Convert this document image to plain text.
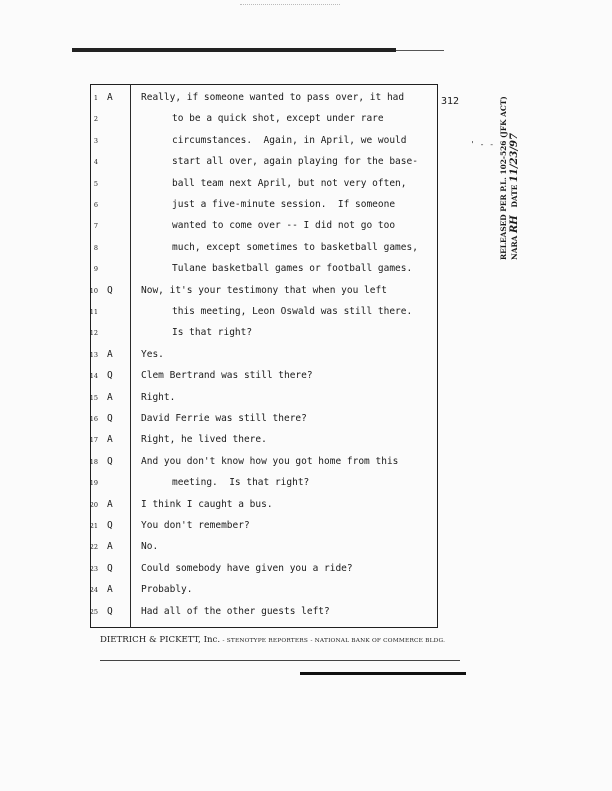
312
1 A	Really, if someone wanted to pass over, it had
2	to be a quick shot, except under rare
3	circumstances.  Again, in April, we would
4	start all over, again playing for the base-
5	ball team next April, but not very often,
6	just a five-minute session.  If someone
7	wanted to come over -- I did not go too
8	much, except sometimes to basketball games,
9	Tulane basketball games or football games.
10 Q	Now, it's your testimony that when you left
11	this meeting, Leon Oswald was still there.
12	Is that right?
13 A	Yes.
14 Q	Clem Bertrand was still there?
15 A	Right.
16 Q	David Ferrie was still there?
17 A	Right, he lived there.
18 Q	And you don't know how you got home from this
19	meeting.  Is that right?
20 A	I think I caught a bus.
21 Q	You don't remember?
22 A	No.
23 Q	Could somebody have given you a ride?
24 A	Probably.
25 Q	Had all of the other guests left?
' - - RELEASED PER P.L. 102-526 (JFK ACT) NARA RH   DATE 11/23/97
DIETRICH & PICKETT, Inc. - STENOTYPE REPORTERS - NATIONAL BANK OF COMMERCE BLDG.
